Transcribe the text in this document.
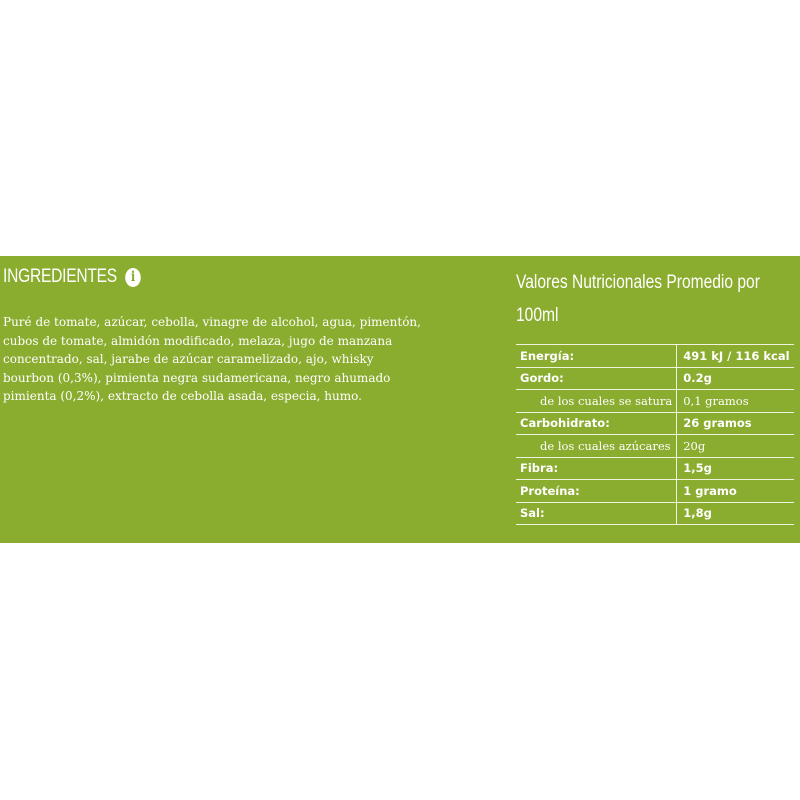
INGREDIENTES i
Puré de tomate, azúcar, cebolla, vinagre de alcohol, agua, pimentón, cubos de tomate, almidón modificado, melaza, jugo de manzana concentrado, sal, jarabe de azúcar caramelizado, ajo, whisky bourbon (0,3%), pimienta negra sudamericana, negro ahumado pimienta (0,2%), extracto de cebolla asada, especia, humo.
Valores Nutricionales Promedio por 100ml
Energía:	491 kJ / 116 kcal
Gordo:	0.2g
de los cuales se satura	0,1 gramos
Carbohidrato:	26 gramos
de los cuales azúcares	20g
Fibra:	1,5g
Proteína:	1 gramo
Sal:	1,8g
